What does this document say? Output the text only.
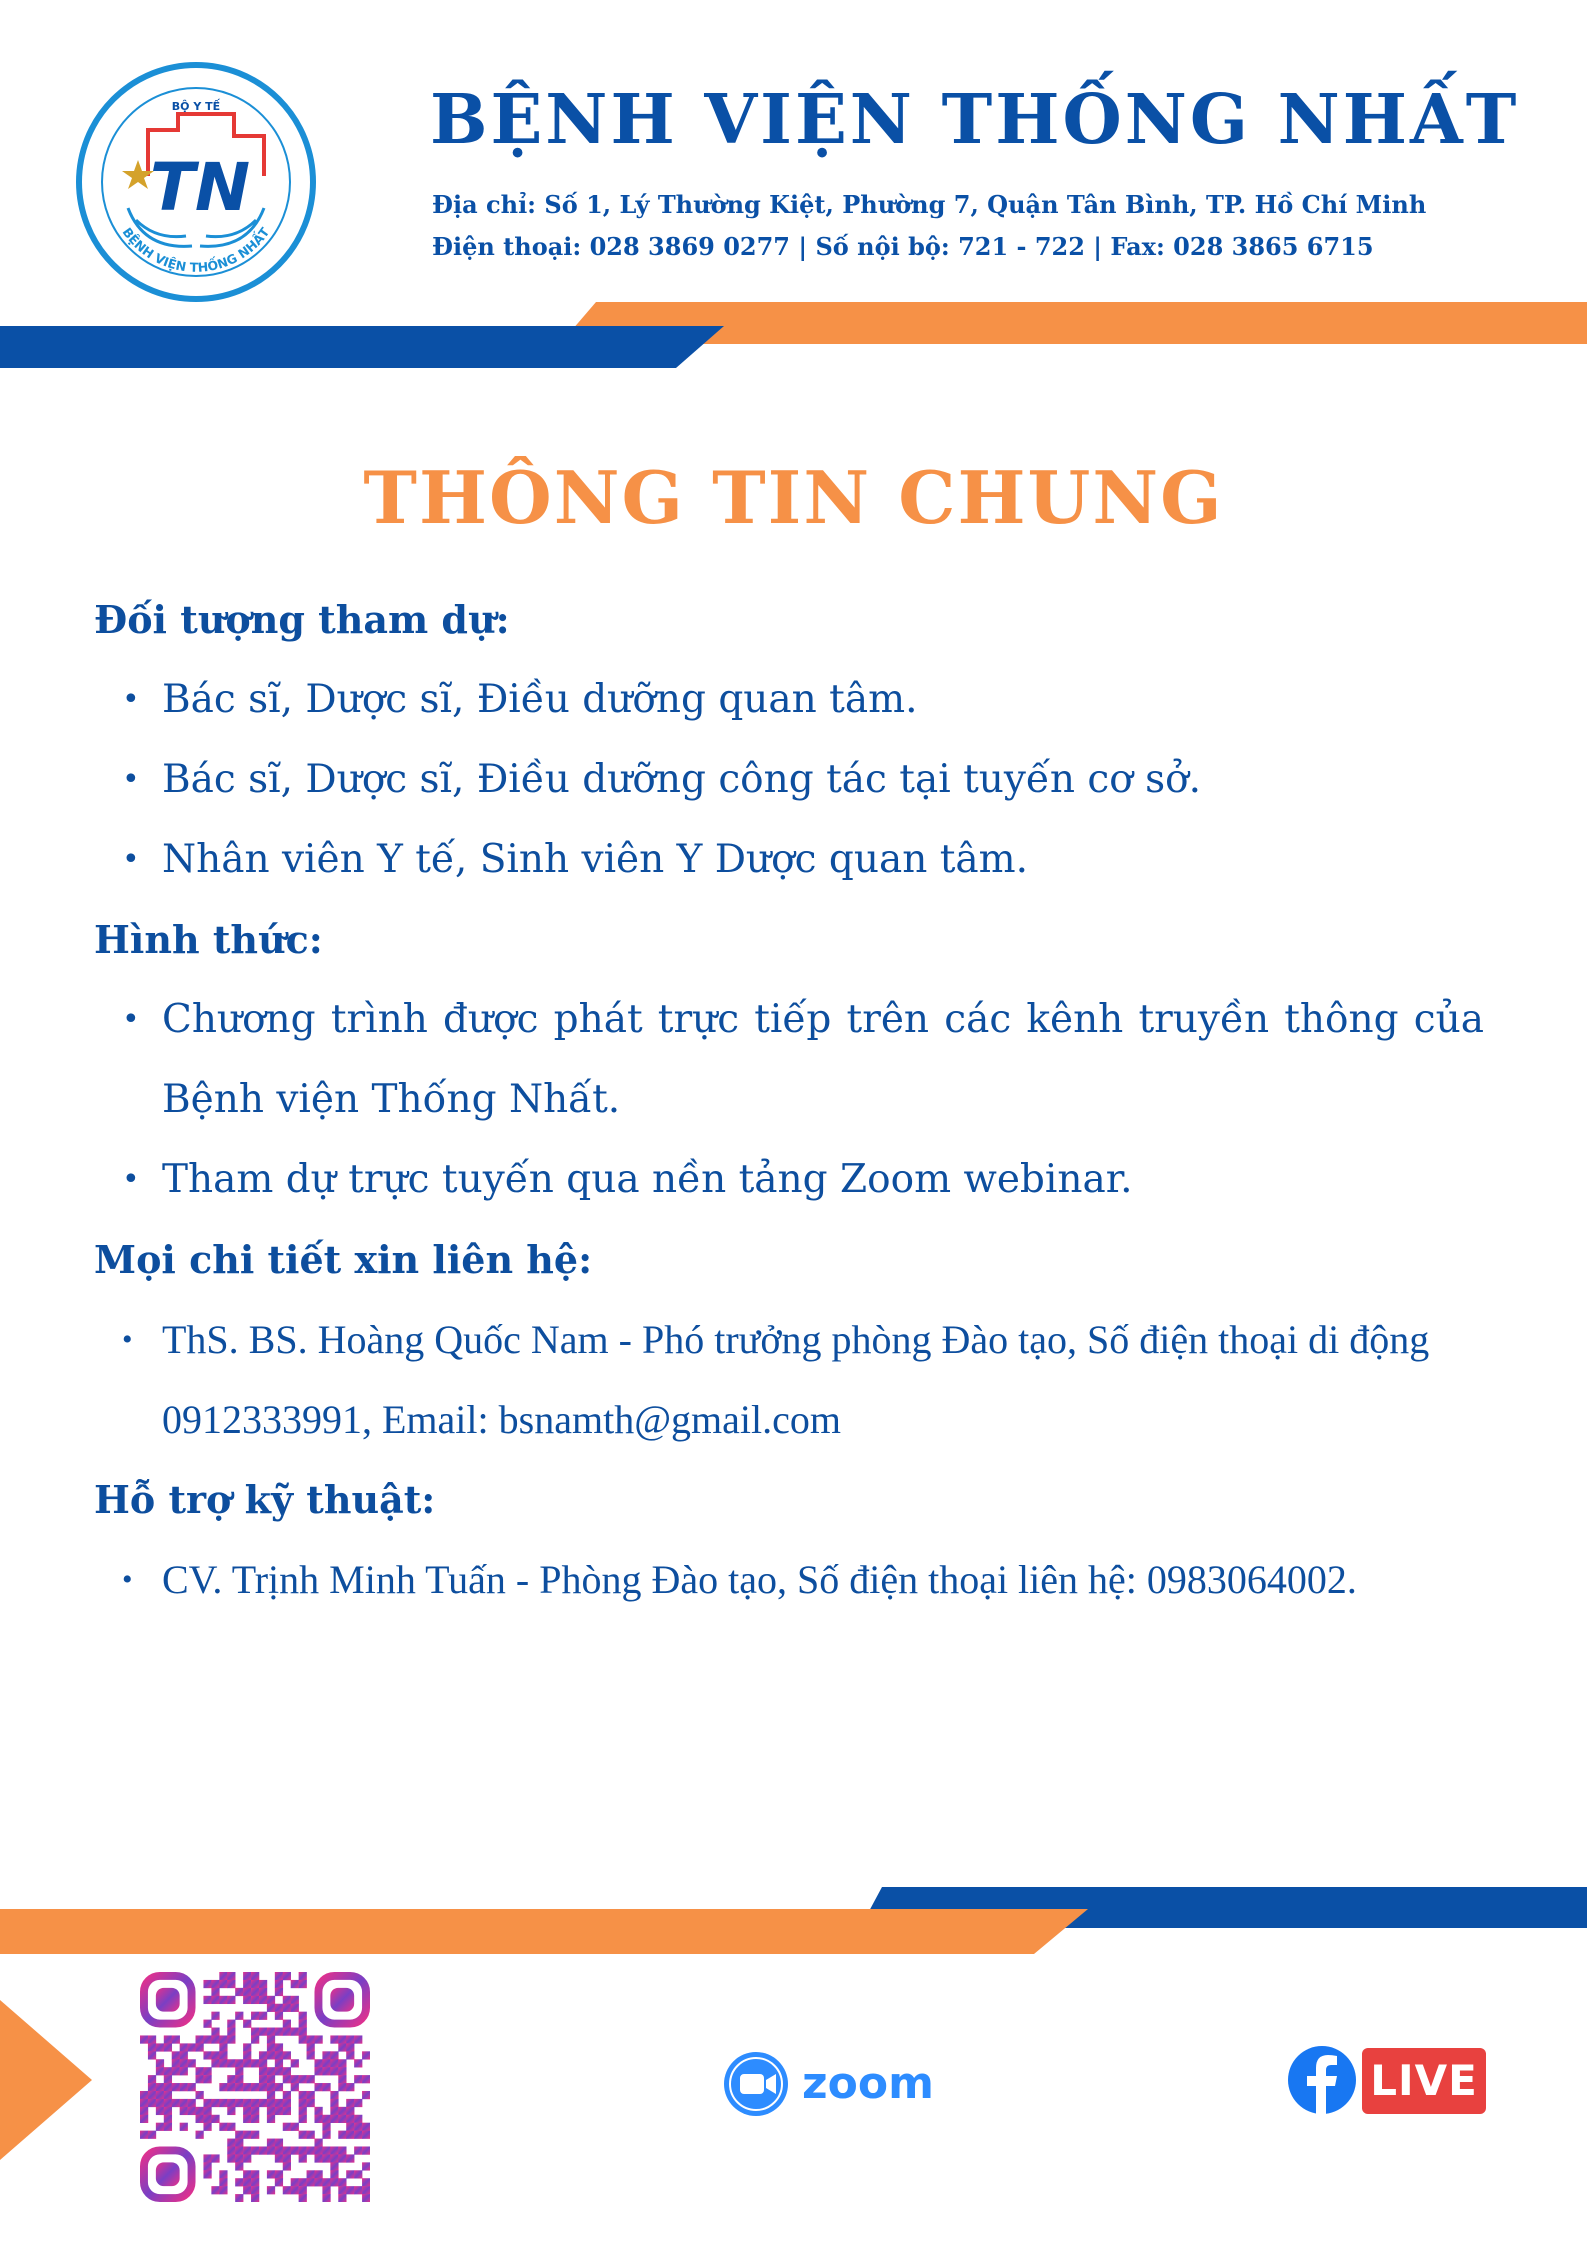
BỘ Y TẾ
TN
BỆNH VIỆN THỐNG NHẤT
BỆNH VIỆN THỐNG NHẤT
Địa chỉ: Số 1, Lý Thường Kiệt, Phường 7, Quận Tân Bình, TP. Hồ Chí Minh
Điện thoại: 028 3869 0277 | Số nội bộ: 721 - 722 | Fax: 028 3865 6715
THÔNG TIN CHUNG

Đối tượng tham dự:

• Bác sĩ, Dược sĩ, Điều dưỡng quan tâm.
• Bác sĩ, Dược sĩ, Điều dưỡng công tác tại tuyến cơ sở.
• Nhân viên Y tế, Sinh viên Y Dược quan tâm.

Hình thức:

• Chương trình được phát trực tiếp trên các kênh truyền thông của Bệnh viện Thống Nhất.
• Tham dự trực tuyến qua nền tảng Zoom webinar.

Mọi chi tiết xin liên hệ:

• ThS. BS. Hoàng Quốc Nam - Phó trưởng phòng Đào tạo, Số điện thoại di động 0912333991, Email: bsnamth@gmail.com

Hỗ trợ kỹ thuật:

• CV. Trịnh Minh Tuấn - Phòng Đào tạo, Số điện thoại liên hệ: 0983064002.
zoom	LIVE
